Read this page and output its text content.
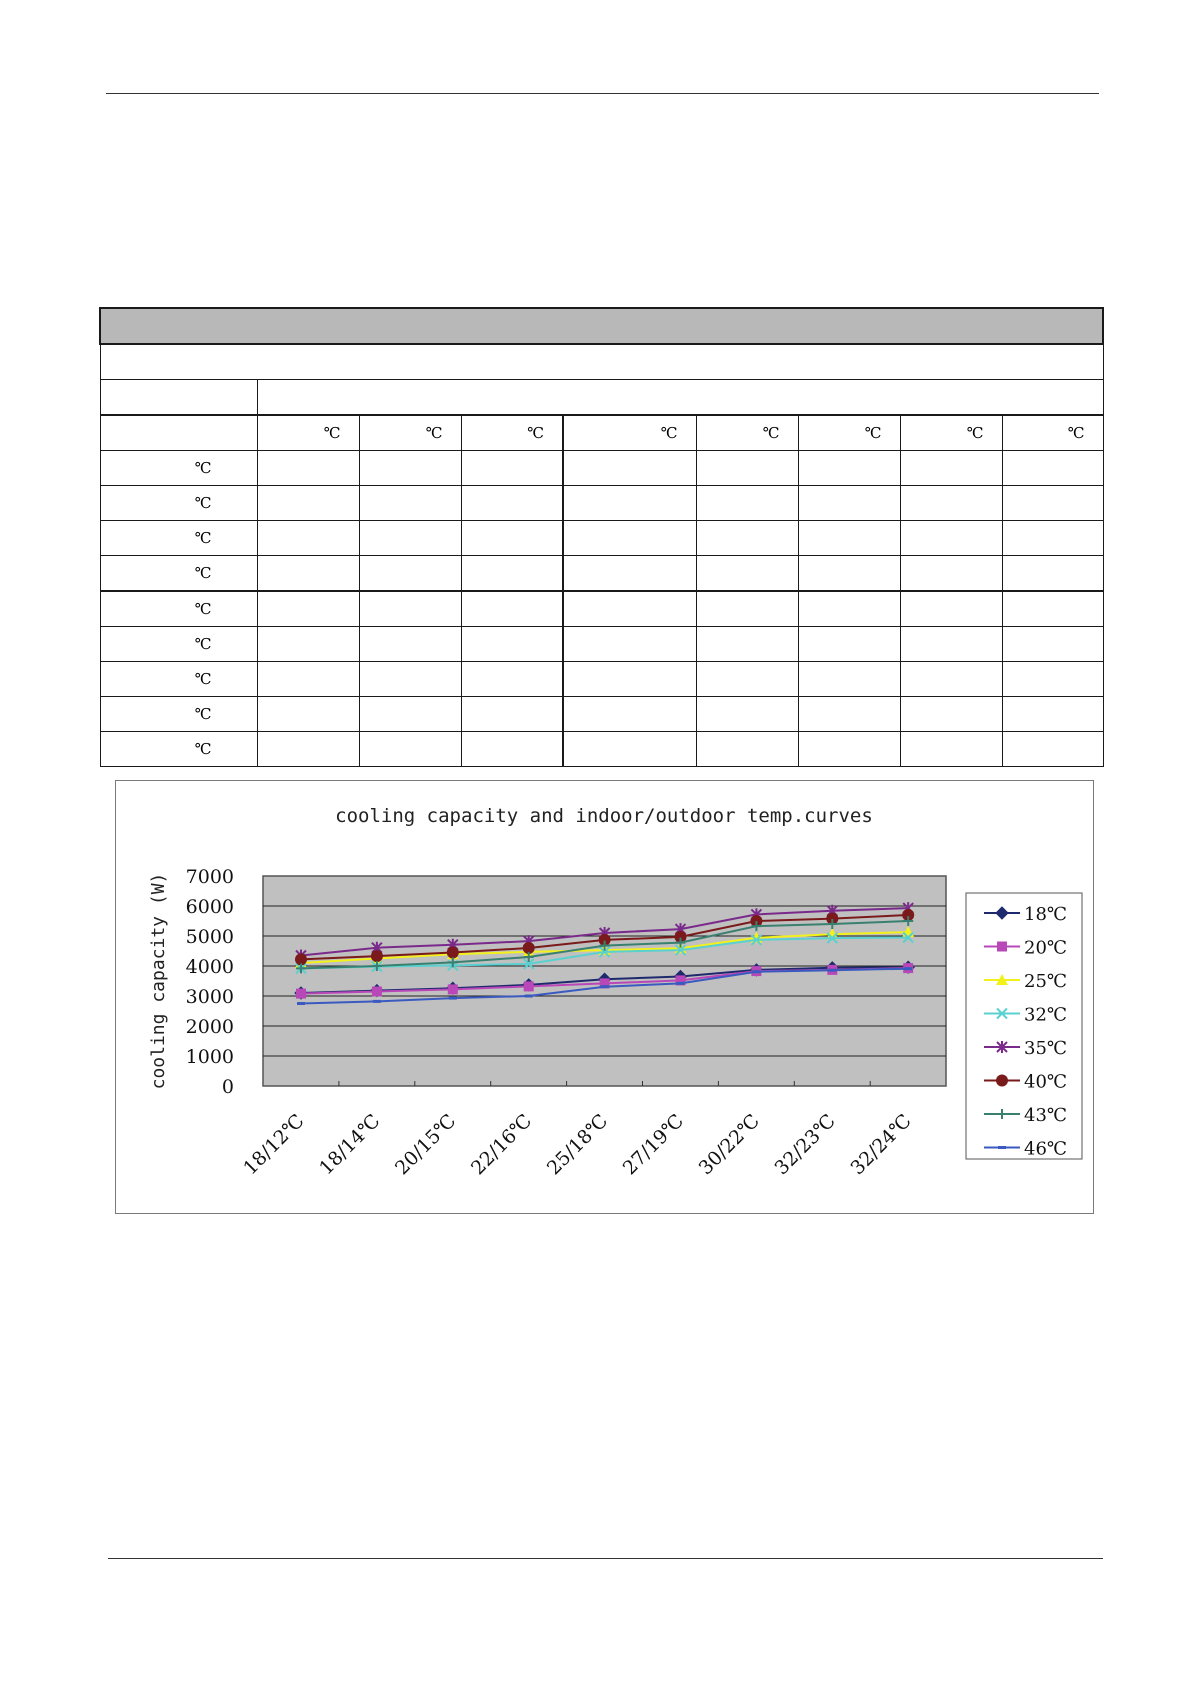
	℃	℃	℃	℃	℃	℃	℃	℃
℃								
℃								
℃								
℃								
℃								
℃								
℃								
℃								
℃								
cooling capacity and indoor/outdoor temp.curves
0
1000
2000
3000
4000
5000
6000
7000
cooling capacity (W)
18/12℃ 18/14℃ 20/15℃ 22/16℃ 25/18℃ 27/19℃ 30/22℃ 32/23℃ 32/24℃
18℃
20℃
25℃
32℃
35℃
40℃
43℃
46℃
